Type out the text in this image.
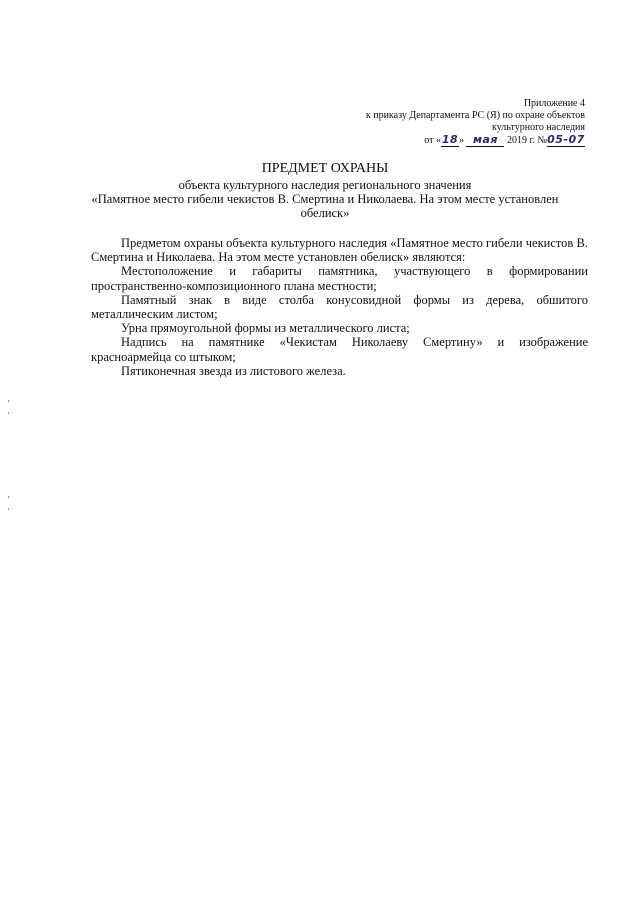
Приложение 4
к приказу Департамента РС (Я) по охране объектов
культурного наследия
от «18» мая 2019 г. №05-07
ПРЕДМЕТ ОХРАНЫ
объекта культурного наследия регионального значения
«Памятное место гибели чекистов В. Смертина и Николаева. На этом месте установлен
обелиск»

Предметом охраны объекта культурного наследия «Памятное место гибели чекистов В. Смертина и Николаева. На этом месте установлен обелиск» являются:

Местоположение и габариты памятника, участвующего в формировании пространственно-композиционного плана местности;

Памятный знак в виде столба конусовидной формы из дерева, обшитого металлическим листом;

Урна прямоугольной формы из металлического листа;

Надпись на памятнике «Чекистам Николаеву Смертину» и изображение красноармейца со штыком;

Пятиконечная звезда из листового железа.
